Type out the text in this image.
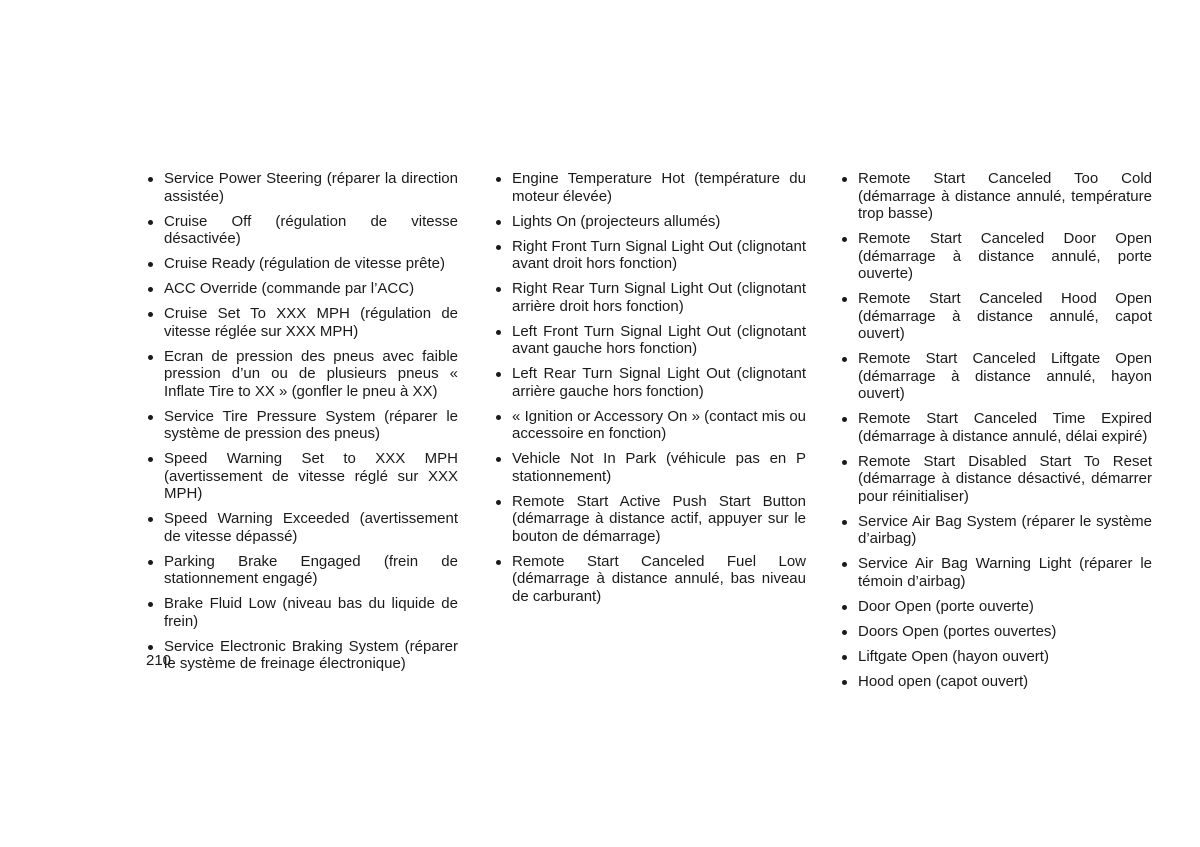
Service Power Steering (réparer la direction assistée)
Cruise Off (régulation de vitesse désactivée)
Cruise Ready (régulation de vitesse prête)
ACC Override (commande par l’ACC)
Cruise Set To XXX MPH (régulation de vitesse réglée sur XXX MPH)
Ecran de pression des pneus avec faible pression d’un ou de plusieurs pneus « Inflate Tire to XX » (gonfler le pneu à XX)
Service Tire Pressure System (réparer le système de pression des pneus)
Speed Warning Set to XXX MPH (avertissement de vitesse réglé sur XXX MPH)
Speed Warning Exceeded (avertissement de vitesse dépassé)
Parking Brake Engaged (frein de stationnement engagé)
Brake Fluid Low (niveau bas du liquide de frein)
Service Electronic Braking System (réparer le système de freinage électronique)
Engine Temperature Hot (température du moteur élevée)
Lights On (projecteurs allumés)
Right Front Turn Signal Light Out (clignotant avant droit hors fonction)
Right Rear Turn Signal Light Out (clignotant arrière droit hors fonction)
Left Front Turn Signal Light Out (clignotant avant gauche hors fonction)
Left Rear Turn Signal Light Out (clignotant arrière gauche hors fonction)
« Ignition or Accessory On » (contact mis ou accessoire en fonction)
Vehicle Not In Park (véhicule pas en P stationnement)
Remote Start Active Push Start Button (démarrage à distance actif, appuyer sur le bouton de démarrage)
Remote Start Canceled Fuel Low (démarrage à distance annulé, bas niveau de carburant)
Remote Start Canceled Too Cold (démarrage à distance annulé, température trop basse)
Remote Start Canceled Door Open (démarrage à distance annulé, porte ouverte)
Remote Start Canceled Hood Open (démarrage à distance annulé, capot ouvert)
Remote Start Canceled Liftgate Open (démarrage à distance annulé, hayon ouvert)
Remote Start Canceled Time Expired (démarrage à distance annulé, délai expiré)
Remote Start Disabled Start To Reset (démarrage à distance désactivé, démarrer pour réinitialiser)
Service Air Bag System (réparer le système d’airbag)
Service Air Bag Warning Light (réparer le témoin d’airbag)
Door Open (porte ouverte)
Doors Open (portes ouvertes)
Liftgate Open (hayon ouvert)
Hood open (capot ouvert)
210
